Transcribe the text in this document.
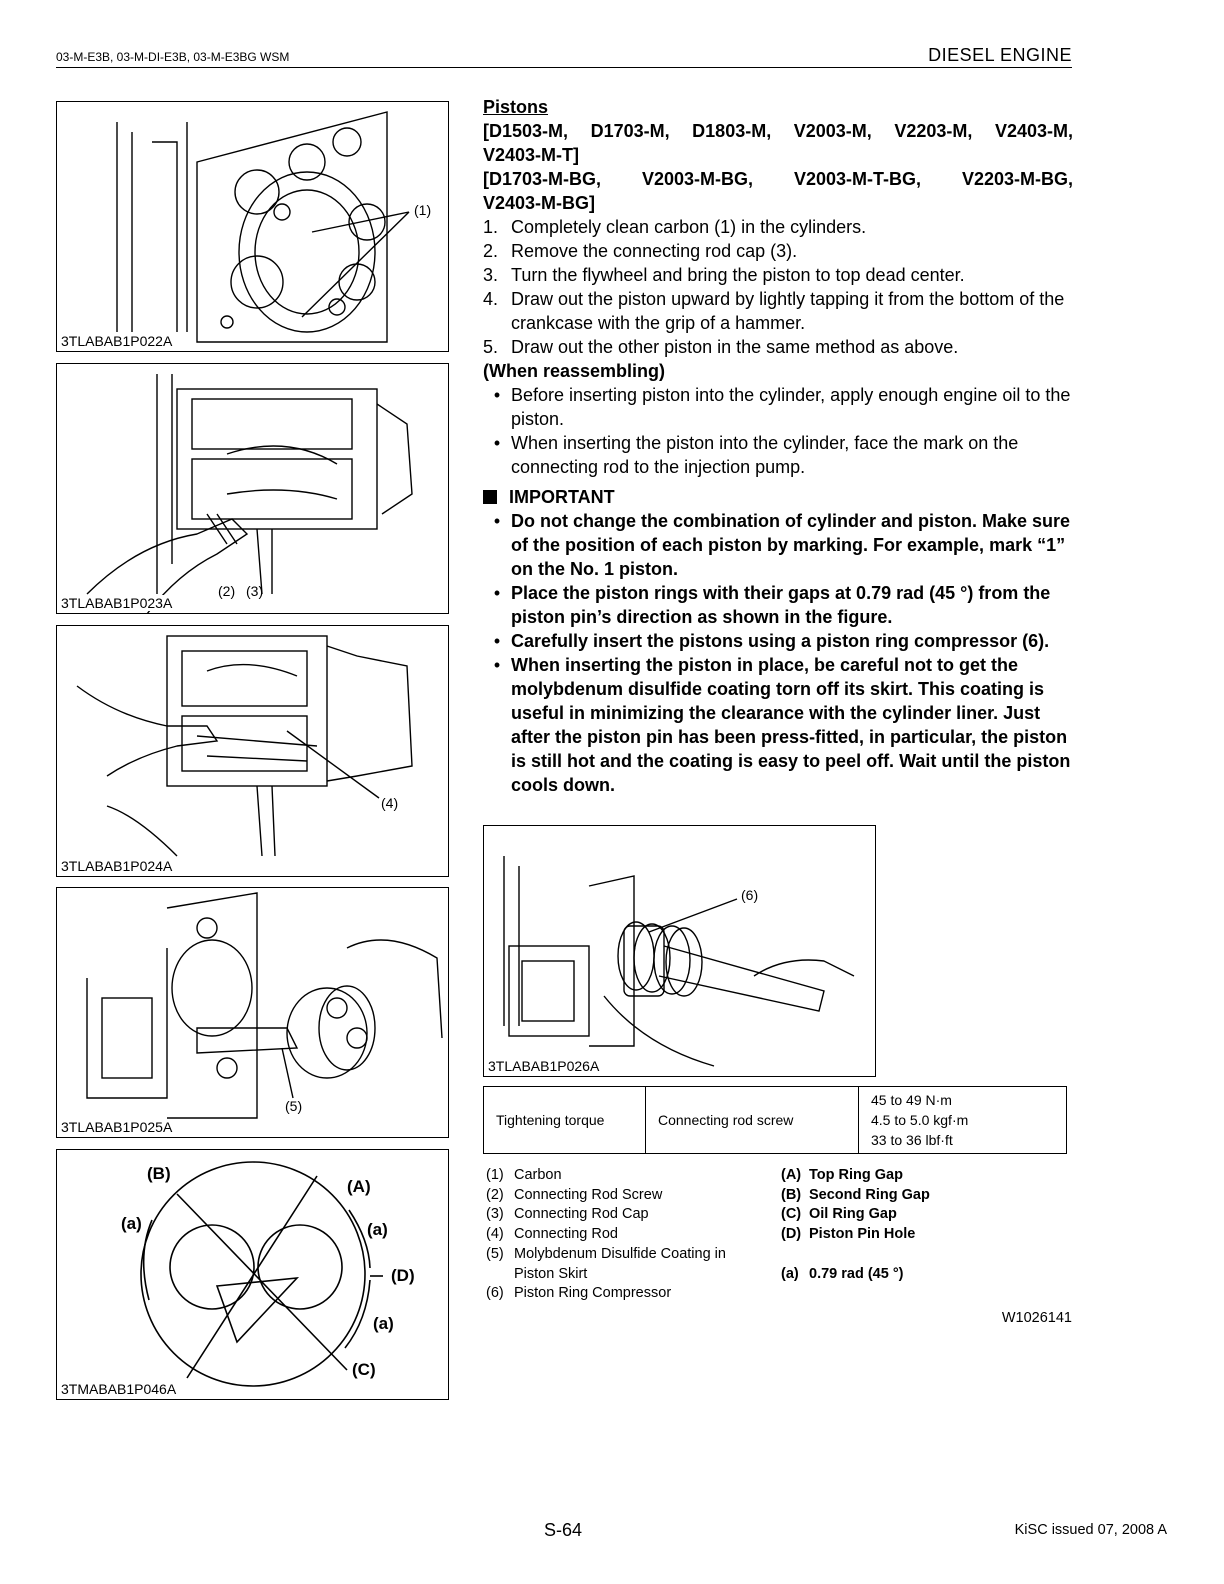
03-M-E3B, 03-M-DI-E3B, 03-M-E3BG WSM	DIESEL ENGINE
(1)
3TLABAB1P022A
(2) (3)
3TLABAB1P023A
(4)
3TLABAB1P024A
(5)
3TLABAB1P025A
(B)
(A)
(a)	(a)
(D)
(a)
(C)
3TMABAB1P046A
Pistons
[D1503-M, D1703-M, D1803-M, V2003-M, V2203-M, V2403-M,
V2403-M-T]
[D1703-M-BG, V2003-M-BG, V2003-M-T-BG, V2203-M-BG,
V2403-M-BG]
1. Completely clean carbon (1) in the cylinders.
2. Remove the connecting rod cap (3).
3. Turn the flywheel and bring the piston to top dead center.
4. Draw out the piston upward by lightly tapping it from the bottom of the crankcase with the grip of a hammer.
5. Draw out the other piston in the same method as above.
(When reassembling)
• Before inserting piston into the cylinder, apply enough engine oil to the piston.
• When inserting the piston into the cylinder, face the mark on the connecting rod to the injection pump.
IMPORTANT
• Do not change the combination of cylinder and piston. Make sure of the position of each piston by marking. For example, mark “1” on the No. 1 piston.
• Place the piston rings with their gaps at 0.79 rad (45 °) from the piston pin’s direction as shown in the figure.
• Carefully insert the pistons using a piston ring compressor (6).
• When inserting the piston in place, be careful not to get the molybdenum disulfide coating torn off its skirt. This coating is useful in minimizing the clearance with the cylinder liner. Just after the piston pin has been press-fitted, in particular, the piston is still hot and the coating is easy to peel off. Wait until the piston cools down.
(6)
3TLABAB1P026A
Tightening torque	Connecting rod screw	
45 to 49 N·m
4.5 to 5.0 kgf·m
33 to 36 lbf·ft
(1) Carbon
(2) Connecting Rod Screw
(3) Connecting Rod Cap
(4) Connecting Rod
(5) Molybdenum Disulfide Coating in
Piston Skirt
(6) Piston Ring Compressor
(A) Top Ring Gap
(B) Second Ring Gap
(C) Oil Ring Gap
(D) Piston Pin Hole

(a) 0.79 rad (45 °)
W1026141
S-64	KiSC issued 07, 2008 A
